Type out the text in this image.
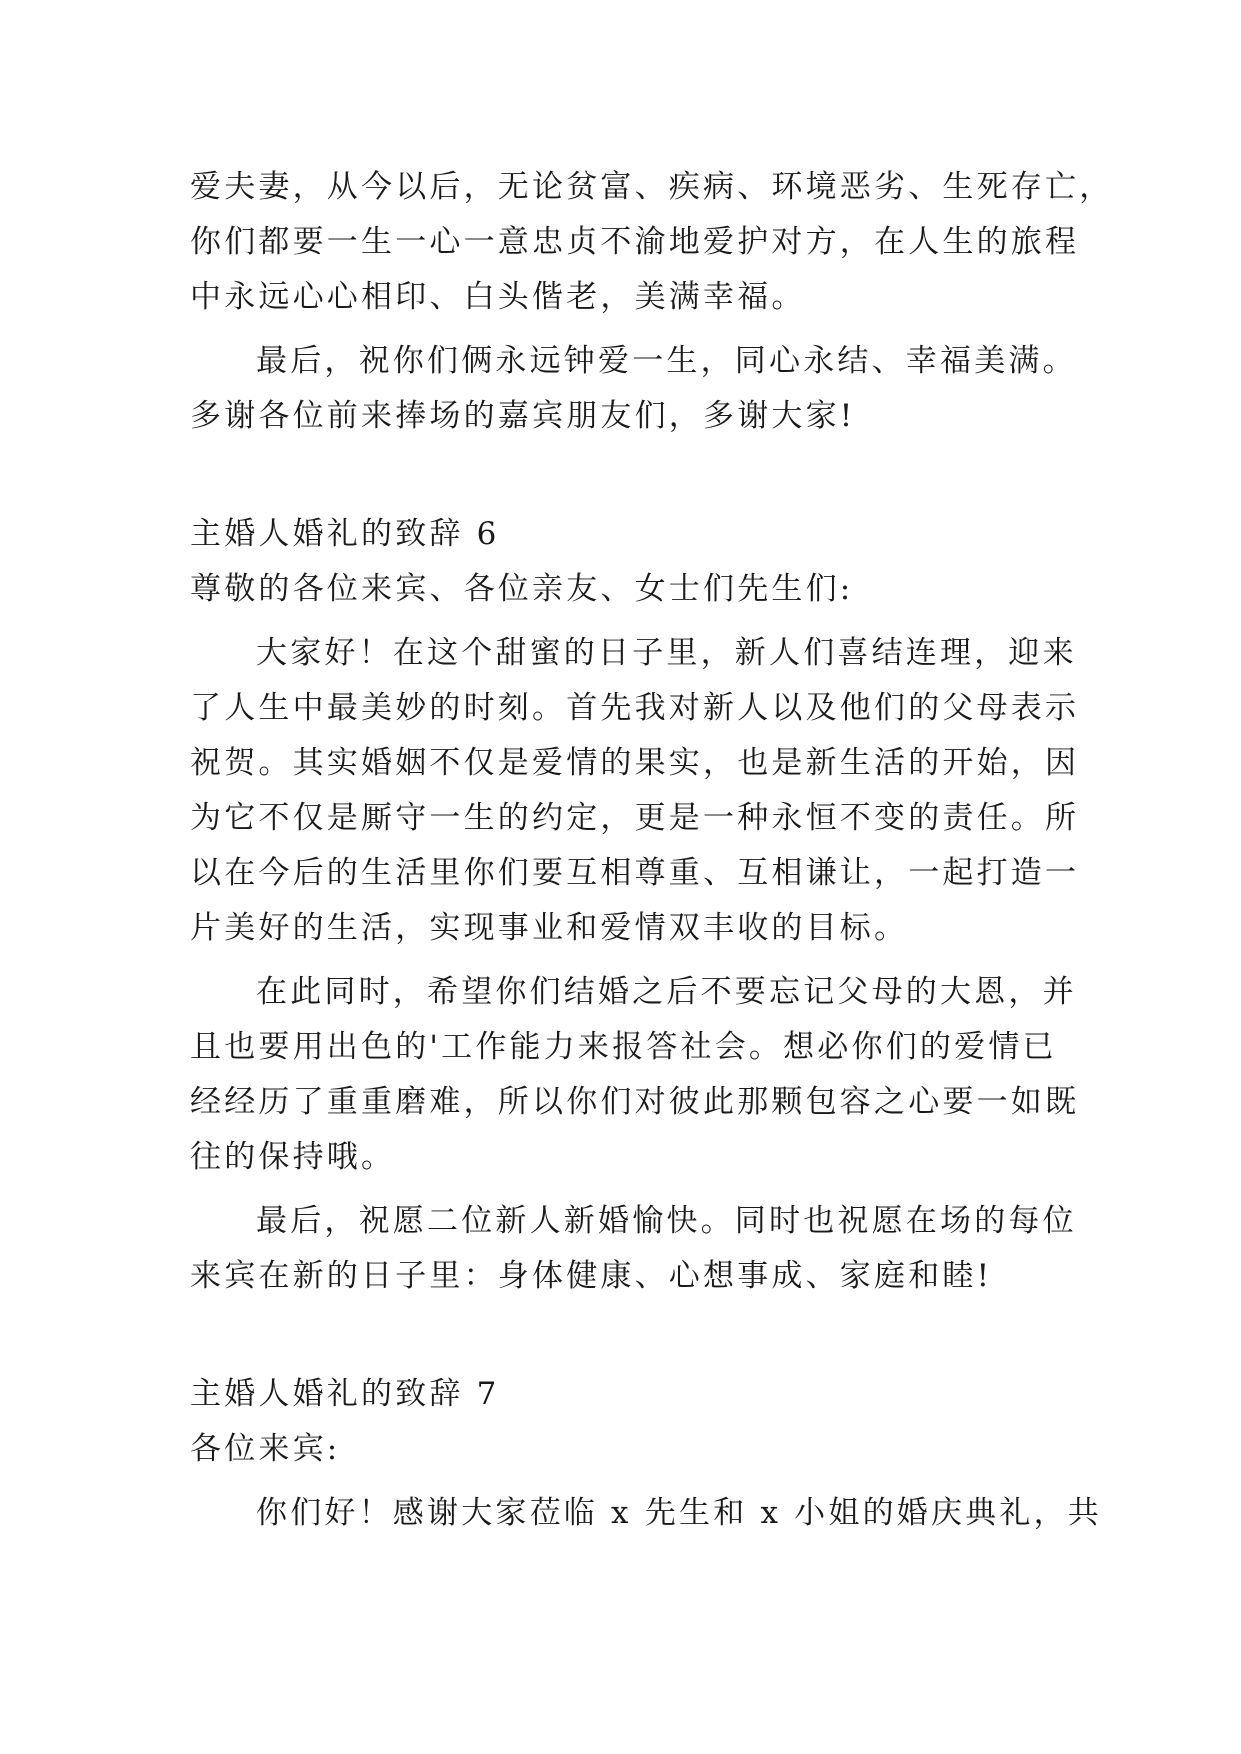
爱夫妻，从今以后，无论贫富、疾病、环境恶劣、生死存亡，
你们都要一生一心一意忠贞不渝地爱护对方，在人生的旅程
中永远心心相印、白头偕老，美满幸福。
最后，祝你们俩永远钟爱一生，同心永结、幸福美满。
多谢各位前来捧场的嘉宾朋友们，多谢大家!
主婚人婚礼的致辞 6
尊敬的各位来宾、各位亲友、女士们先生们:
大家好！在这个甜蜜的日子里，新人们喜结连理，迎来
了人生中最美妙的时刻。首先我对新人以及他们的父母表示
祝贺。其实婚姻不仅是爱情的果实，也是新生活的开始，因
为它不仅是厮守一生的约定，更是一种永恒不变的责任。所
以在今后的生活里你们要互相尊重、互相谦让，一起打造一
片美好的生活，实现事业和爱情双丰收的目标。
在此同时，希望你们结婚之后不要忘记父母的大恩，并
且也要用出色的'工作能力来报答社会。想必你们的爱情已
经经历了重重磨难，所以你们对彼此那颗包容之心要一如既
往的保持哦。
最后，祝愿二位新人新婚愉快。同时也祝愿在场的每位
来宾在新的日子里：身体健康、心想事成、家庭和睦!
主婚人婚礼的致辞 7
各位来宾:
你们好！感谢大家莅临 x 先生和 x 小姐的婚庆典礼，共
